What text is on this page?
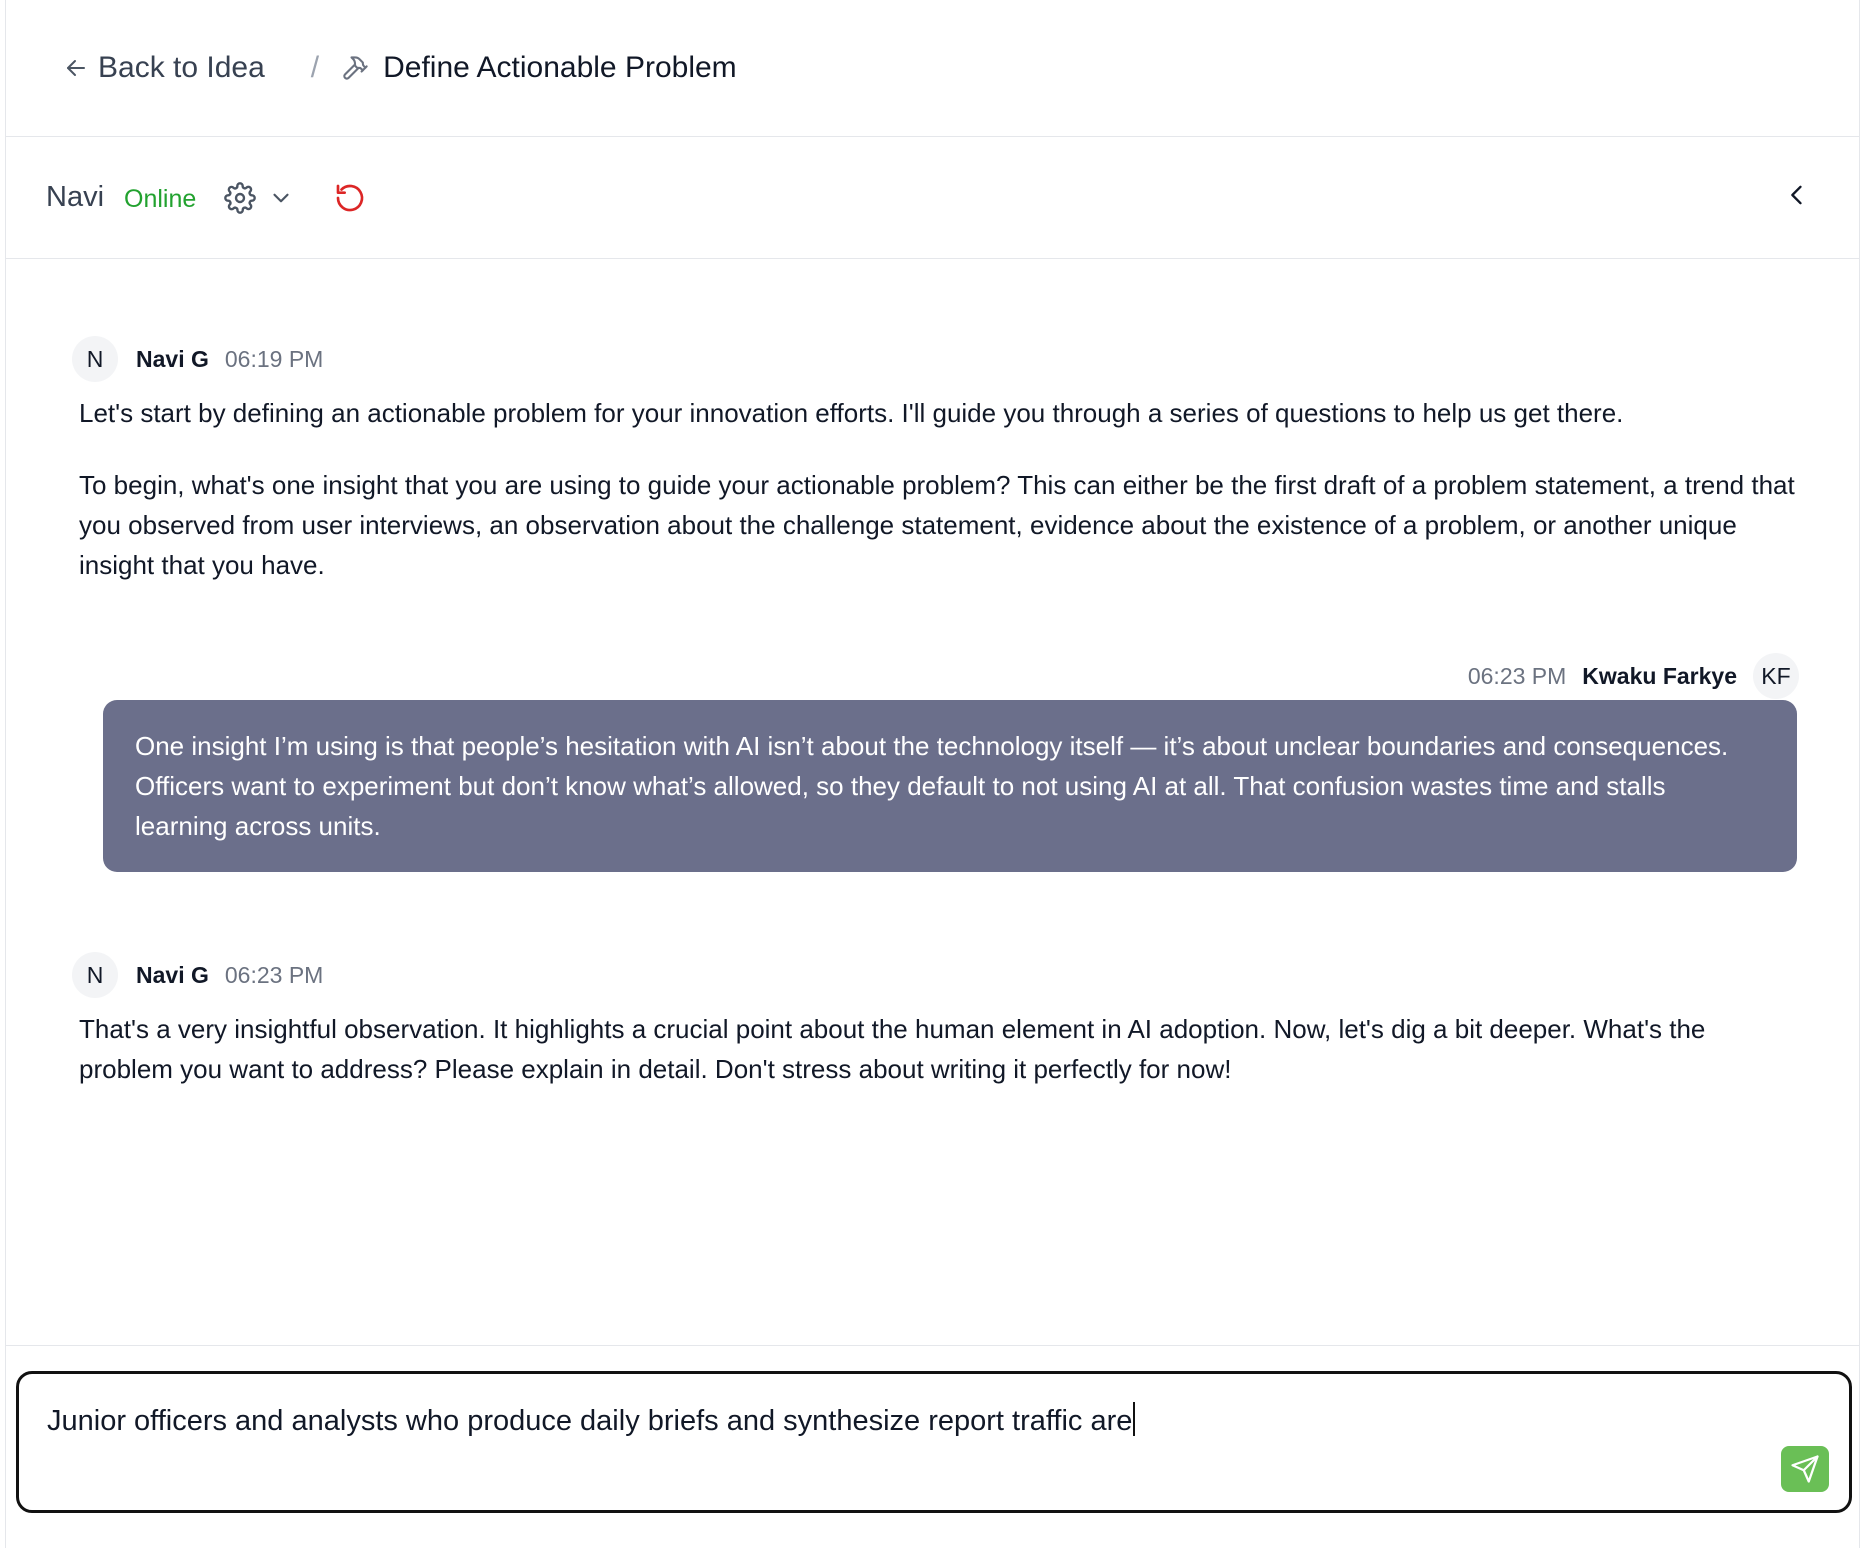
Back to Idea / Define Actionable Problem
Navi Online
N	Navi G 06:19 PM

Let's start by defining an actionable problem for your innovation efforts. I'll guide you through a series of questions to help us get there.

To begin, what's one insight that you are using to guide your actionable problem? This can either be the first draft of a problem statement, a trend that you observed from user interviews, an observation about the challenge statement, evidence about the existence of a problem, or another unique insight that you have.

06:23 PM Kwaku Farkye	KF
One insight I’m using is that people’s hesitation with AI isn’t about the technology itself — it’s about unclear boundaries and consequences. Officers want to experiment but don’t know what’s allowed, so they default to not using AI at all. That confusion wastes time and stalls learning across units.
N	Navi G 06:23 PM

That's a very insightful observation. It highlights a crucial point about the human element in AI adoption. Now, let's dig a bit deeper. What's the problem you want to address? Please explain in detail. Don't stress about writing it perfectly for now!

Junior officers and analysts who produce daily briefs and synthesize report traffic are
